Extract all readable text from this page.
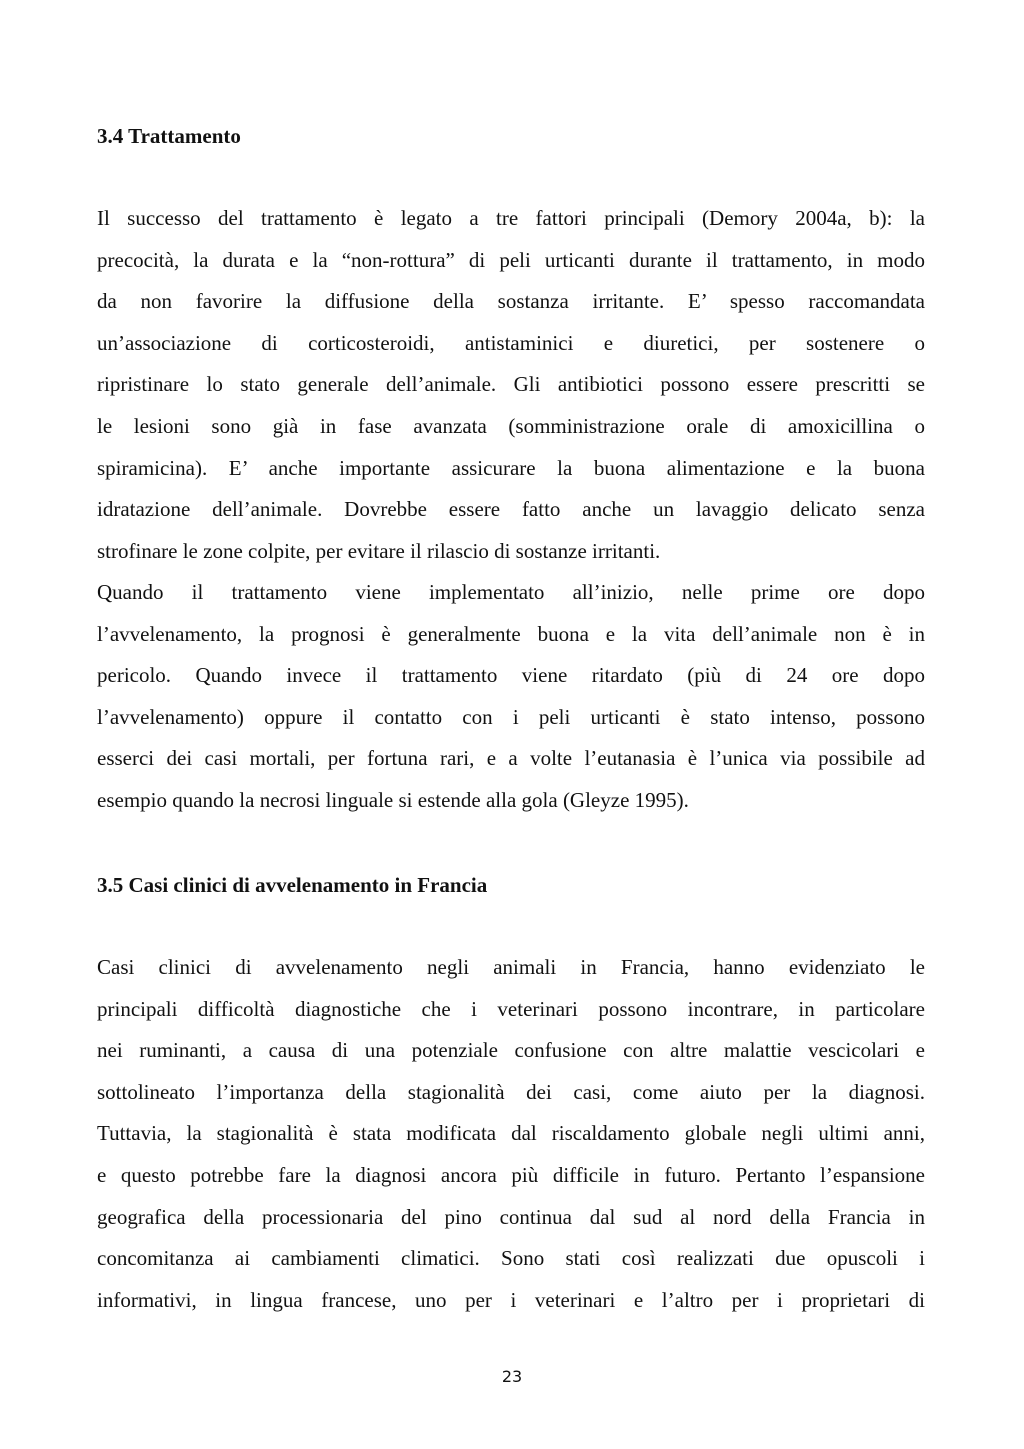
3.4 Trattamento
Il successo del trattamento è legato a tre fattori principali (Demory 2004a, b): la
precocità, la durata e la “non-rottura” di peli urticanti durante il trattamento, in modo
da non favorire la diffusione della sostanza irritante. E’ spesso raccomandata
un’associazione di corticosteroidi, antistaminici e diuretici, per sostenere o
ripristinare lo stato generale dell’animale. Gli antibiotici possono essere prescritti se
le lesioni sono già in fase avanzata (somministrazione orale di amoxicillina o
spiramicina). E’ anche importante assicurare la buona alimentazione e la buona
idratazione dell’animale. Dovrebbe essere fatto anche un lavaggio delicato senza
strofinare le zone colpite, per evitare il rilascio di sostanze irritanti.
Quando il trattamento viene implementato all’inizio, nelle prime ore dopo
l’avvelenamento, la prognosi è generalmente buona e la vita dell’animale non è in
pericolo. Quando invece il trattamento viene ritardato (più di 24 ore dopo
l’avvelenamento) oppure il contatto con i peli urticanti è stato intenso, possono
esserci dei casi mortali, per fortuna rari, e a volte l’eutanasia è l’unica via possibile ad
esempio quando la necrosi linguale si estende alla gola (Gleyze 1995).
3.5 Casi clinici di avvelenamento in Francia
Casi clinici di avvelenamento negli animali in Francia, hanno evidenziato le
principali difficoltà diagnostiche che i veterinari possono incontrare, in particolare
nei ruminanti, a causa di una potenziale confusione con altre malattie vescicolari e
sottolineato l’importanza della stagionalità dei casi, come aiuto per la diagnosi.
Tuttavia, la stagionalità è stata modificata dal riscaldamento globale negli ultimi anni,
e questo potrebbe fare la diagnosi ancora più difficile in futuro. Pertanto l’espansione
geografica della processionaria del pino continua dal sud al nord della Francia in
concomitanza ai cambiamenti climatici. Sono stati così realizzati due opuscoli i
informativi, in lingua francese, uno per i veterinari e l’altro per i proprietari di
23
